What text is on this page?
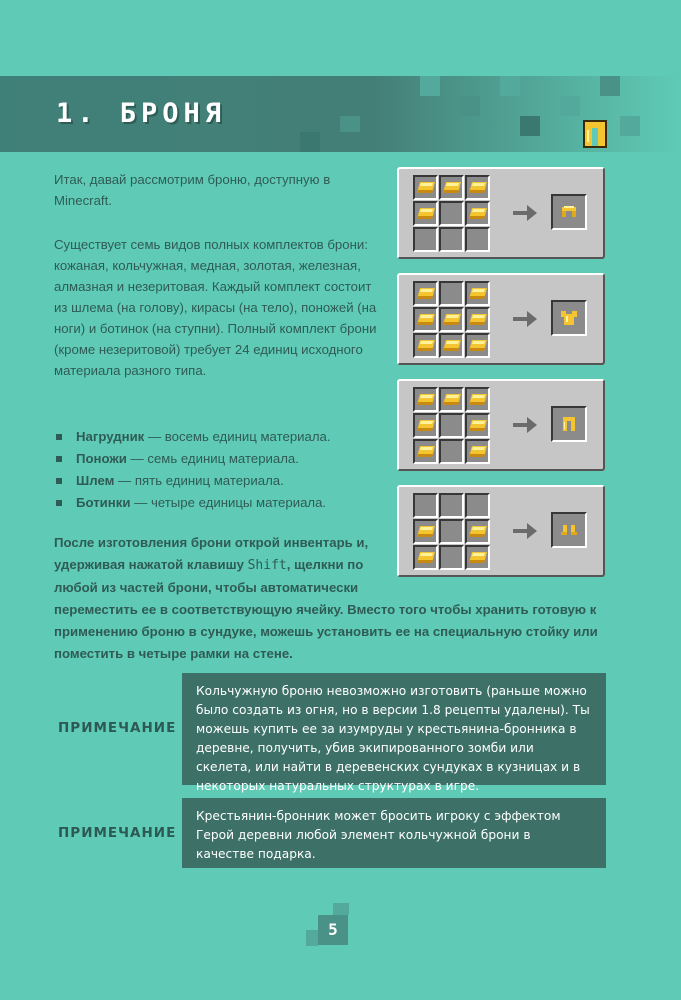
1. БРОНЯ
Итак, давай рассмотрим броню, доступную в Minecraft.
Существует семь видов полных комплектов брони: кожаная, кольчужная, медная, золотая, железная, алмазная и незеритовая. Каждый комплект состоит из шлема (на голову), кирасы (на тело), поножей (на ноги) и ботинок (на ступни). Полный комплект брони (кроме незеритовой) требует 24 единиц исходного материала разного типа.
Нагрудник — восемь единиц материала.
Поножи — семь единиц материала.
Шлем — пять единиц материала.
Ботинки — четыре единицы материала.
После изготовления брони открой инвентарь и, удерживая нажатой клавишу Shift, щелкни по любой из частей брони, чтобы автоматически переместить ее в соответствующую ячейку. Вместо того чтобы хранить готовую к применению броню в сундуке, можешь установить ее на специальную стойку или поместить в четыре рамки на стене.
ПРИМЕЧАНИЕ
Кольчужную броню невозможно изготовить (раньше можно было создать из огня, но в версии 1.8 рецепты удалены). Ты можешь купить ее за изумруды у крестьянина-бронника в деревне, получить, убив экипированного зомби или скелета, или найти в деревенских сундуках в кузницах и в некоторых натуральных структурах в игре.
ПРИМЕЧАНИЕ
Крестьянин-бронник может бросить игроку с эффектом Герой деревни любой элемент кольчужной брони в качестве подарка.
5
